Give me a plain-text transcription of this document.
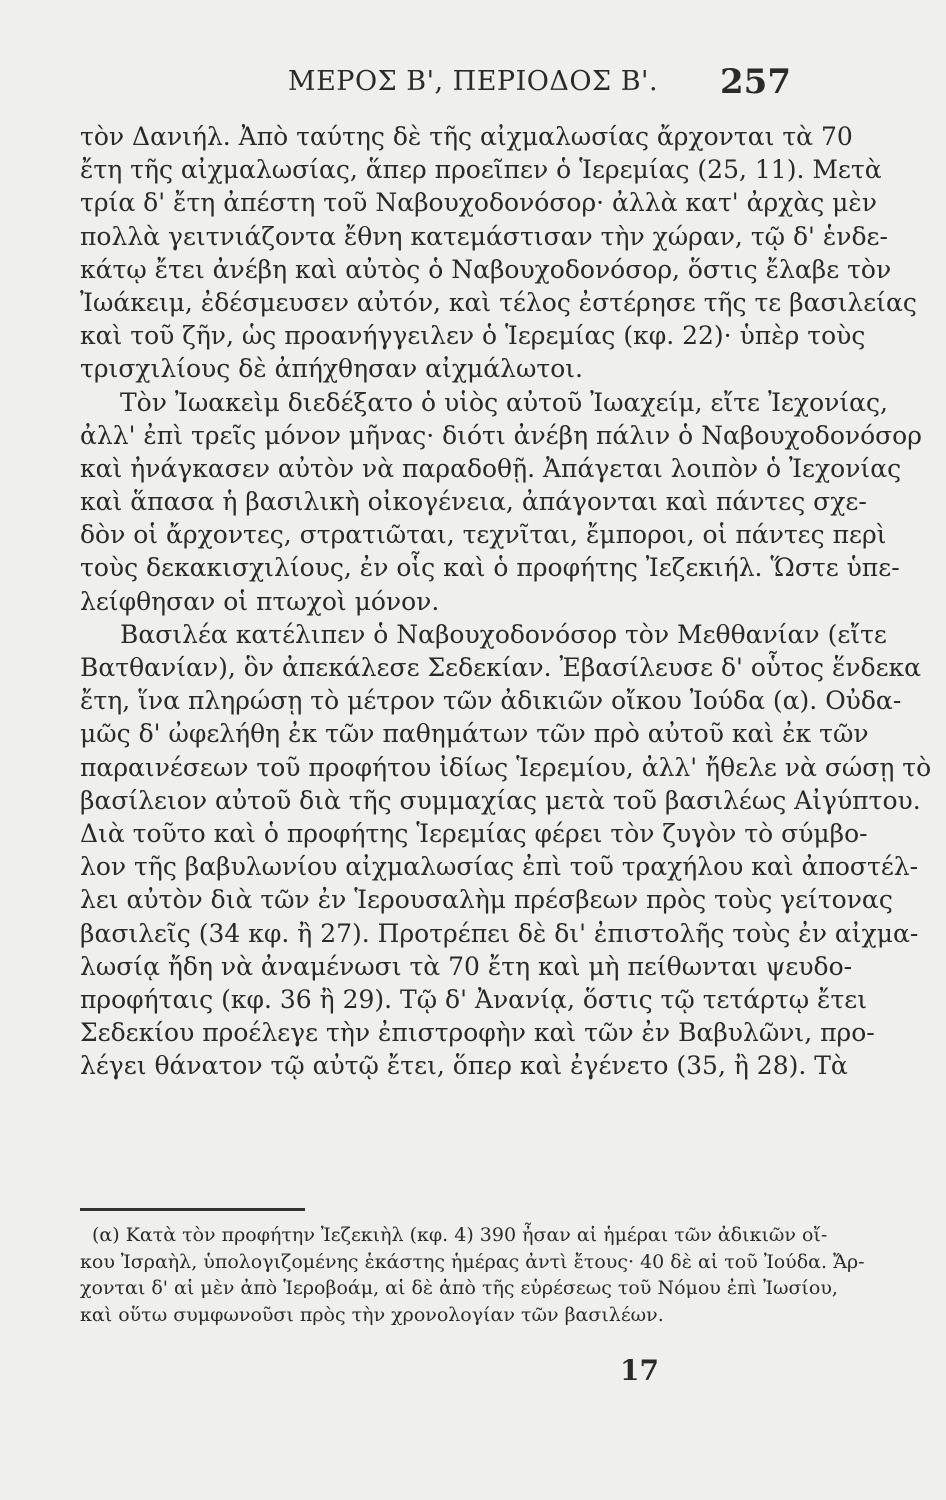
ΜΕΡΟΣ Β', ΠΕΡΙΟΔΟΣ Β'.	257
τὸν Δανιήλ. Ἀπὸ ταύτης δὲ τῆς αἰχμαλωσίας ἄρχονται τὰ 70
ἔτη τῆς αἰχμαλωσίας, ἅπερ προεῖπεν ὁ Ἱερεμίας (25, 11). Μετὰ
τρία δ' ἔτη ἀπέστη τοῦ Ναβουχοδονόσορ· ἀλλὰ κατ' ἀρχὰς μὲν
πολλὰ γειτνιάζοντα ἔθνη κατεμάστισαν τὴν χώραν, τῷ δ' ἑνδε-
κάτῳ ἔτει ἀνέβη καὶ αὐτὸς ὁ Ναβουχοδονόσορ, ὅστις ἔλαβε τὸν
Ἰωάκειμ, ἐδέσμευσεν αὐτόν, καὶ τέλος ἐστέρησε τῆς τε βασιλείας
καὶ τοῦ ζῆν, ὡς προανήγγειλεν ὁ Ἱερεμίας (κφ. 22)· ὑπὲρ τοὺς
τρισχιλίους δὲ ἀπήχθησαν αἰχμάλωτοι.
Τὸν Ἰωακεὶμ διεδέξατο ὁ υἱὸς αὐτοῦ Ἰωαχείμ, εἴτε Ἰεχονίας,
ἀλλ' ἐπὶ τρεῖς μόνον μῆνας· διότι ἀνέβη πάλιν ὁ Ναβουχοδονόσορ
καὶ ἠνάγκασεν αὐτὸν νὰ παραδοθῇ. Ἀπάγεται λοιπὸν ὁ Ἰεχονίας
καὶ ἅπασα ἡ βασιλικὴ οἰκογένεια, ἀπάγονται καὶ πάντες σχε-
δὸν οἱ ἄρχοντες, στρατιῶται, τεχνῖται, ἔμποροι, οἱ πάντες περὶ
τοὺς δεκακισχιλίους, ἐν οἷς καὶ ὁ προφήτης Ἰεζεκιήλ. Ὥστε ὑπε-
λείφθησαν οἱ πτωχοὶ μόνον.
Βασιλέα κατέλιπεν ὁ Ναβουχοδονόσορ τὸν Μεθθανίαν (εἴτε
Βατθανίαν), ὃν ἀπεκάλεσε Σεδεκίαν. Ἐβασίλευσε δ' οὗτος ἕνδεκα
ἔτη, ἵνα πληρώσῃ τὸ μέτρον τῶν ἀδικιῶν οἴκου Ἰούδα (α). Οὐδα-
μῶς δ' ὠφελήθη ἐκ τῶν παθημάτων τῶν πρὸ αὐτοῦ καὶ ἐκ τῶν
παραινέσεων τοῦ προφήτου ἰδίως Ἱερεμίου, ἀλλ' ἤθελε νὰ σώσῃ τὸ
βασίλειον αὐτοῦ διὰ τῆς συμμαχίας μετὰ τοῦ βασιλέως Αἰγύπτου.
Διὰ τοῦτο καὶ ὁ προφήτης Ἱερεμίας φέρει τὸν ζυγὸν τὸ σύμβο-
λον τῆς βαβυλωνίου αἰχμαλωσίας ἐπὶ τοῦ τραχήλου καὶ ἀποστέλ-
λει αὐτὸν διὰ τῶν ἐν Ἱερουσαλὴμ πρέσβεων πρὸς τοὺς γείτονας
βασιλεῖς (34 κφ. ἢ 27). Προτρέπει δὲ δι' ἐπιστολῆς τοὺς ἐν αἰχμα-
λωσίᾳ ἤδη νὰ ἀναμένωσι τὰ 70 ἔτη καὶ μὴ πείθωνται ψευδο-
προφήταις (κφ. 36 ἢ 29). Τῷ δ' Ἀνανίᾳ, ὅστις τῷ τετάρτῳ ἔτει
Σεδεκίου προέλεγε τὴν ἐπιστροφὴν καὶ τῶν ἐν Βαβυλῶνι, προ-
λέγει θάνατον τῷ αὐτῷ ἔτει, ὅπερ καὶ ἐγένετο (35, ἢ 28). Τὰ
(α) Κατὰ τὸν προφήτην Ἰεζεκιὴλ (κφ. 4) 390 ἦσαν αἱ ἡμέραι τῶν ἀδικιῶν οἴ-
κου Ἰσραὴλ, ὑπολογιζομένης ἑκάστης ἡμέρας ἀντὶ ἔτους· 40 δὲ αἱ τοῦ Ἰούδα. Ἄρ-
χονται δ' αἱ μὲν ἀπὸ Ἱεροβοάμ, αἱ δὲ ἀπὸ τῆς εὑρέσεως τοῦ Νόμου ἐπὶ Ἰωσίου,
καὶ οὕτω συμφωνοῦσι πρὸς τὴν χρονολογίαν τῶν βασιλέων.
17
